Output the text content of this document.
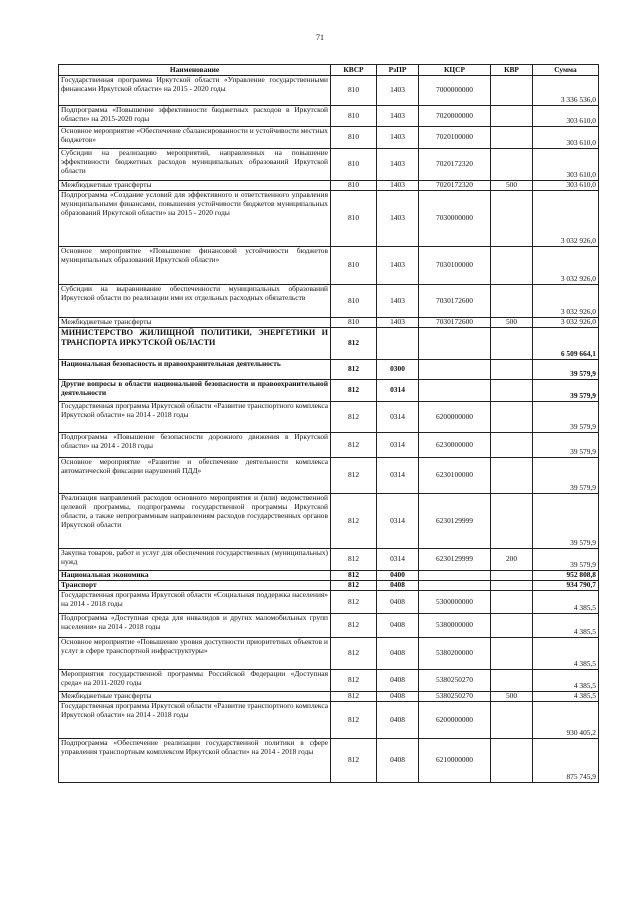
71
Наименование	КВСР	РзПР	КЦСР	КВР	Сумма
Государственная программа Иркутской области «Управление государственными финансами Иркутской области» на 2015 - 2020 годы	810	1403	7000000000		3 336 536,0
Подпрограмма «Повышение эффективности бюджетных расходов в Иркутской области» на 2015-2020 годы	810	1403	7020000000		303 610,0
Основное мероприятие «Обеспечение сбалансированности и устойчивости местных бюджетов»	810	1403	7020100000		303 610,0
Субсидии на реализацию мероприятий, направленных на повышение эффективности бюджетных расходов муниципальных образований Иркутской области	810	1403	7020172320		303 610,0
Межбюджетные трансферты	810	1403	7020172320	500	303 610,0
Подпрограмма «Создание условий для эффективного и ответственного управления муниципальными финансами, повышения устойчивости бюджетов муниципальных образований Иркутской области» на 2015 - 2020 годы	810	1403	7030000000		3 032 926,0
Основное мероприятие «Повышение финансовой устойчивости бюджетов муниципальных образований Иркутской области»	810	1403	7030100000		3 032 926,0
Субсидии на выравнивание обеспеченности муниципальных образований Иркутской области по реализации ими их отдельных расходных обязательств	810	1403	7030172600		3 032 926,0
Межбюджетные трансферты	810	1403	7030172600	500	3 032 926,0
МИНИСТЕРСТВО ЖИЛИЩНОЙ ПОЛИТИКИ, ЭНЕРГЕТИКИ И ТРАНСПОРТА ИРКУТСКОЙ ОБЛАСТИ	812				6 509 664,1
Национальная безопасность и правоохранительная деятельность	812	0300			39 579,9
Другие вопросы в области национальной безопасности и правоохранительной деятельности	812	0314			39 579,9
Государственная программа Иркутской области «Развитие транспортного комплекса Иркутской области» на 2014 - 2018 годы	812	0314	6200000000		39 579,9
Подпрограмма «Повышение безопасности дорожного движения в Иркутской области» на 2014 - 2018 годы	812	0314	6230000000		39 579,9
Основное мероприятие «Развитие и обеспечение деятельности комплекса автоматической фиксации нарушений ПДД»	812	0314	6230100000		39 579,9
Реализация направлений расходов основного мероприятия и (или) ведомственной целевой программы, подпрограммы государственной программы Иркутской области, а также непрограммным направлениям расходов государственных органов Иркутской области	812	0314	6230129999		39 579,9
Закупка товаров, работ и услуг для обеспечения государственных (муниципальных) нужд	812	0314	6230129999	200	39 579,9
Национальная экономика	812	0400			952 808,8
Транспорт	812	0408			934 790,7
Государственная программа Иркутской области «Социальная поддержка населения» на 2014 - 2018 годы	812	0408	5300000000		4 385,5
Подпрограмма «Доступная среда для инвалидов и других маломобильных групп населения» на 2014 - 2018 годы	812	0408	5380000000		4 385,5
Основное мероприятие «Повышение уровня доступности приоритетных объектов и услуг в сфере транспортной инфраструктуры»	812	0408	5380200000		4 385,5
Мероприятия государственной программы Российской Федерации «Доступная среда» на 2011-2020 годы	812	0408	5380250270		4 385,5
Межбюджетные трансферты	812	0408	5380250270	500	4 385,5
Государственная программа Иркутской области «Развитие транспортного комплекса Иркутской области» на 2014 - 2018 годы	812	0408	6200000000		930 405,2
Подпрограмма «Обеспечение реализации государственной политики в сфере управления транспортным комплексом Иркутской области» на 2014 - 2018 годы	812	0408	6210000000		875 745,9
